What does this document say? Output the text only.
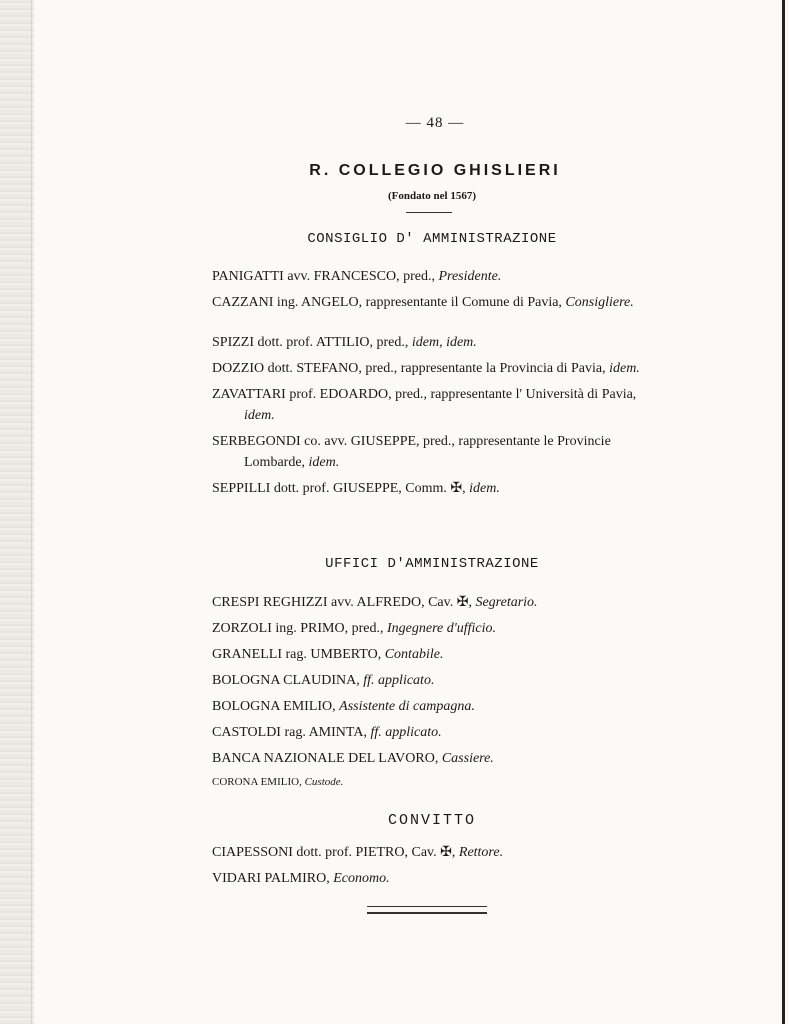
— 48 —
R. COLLEGIO GHISLIERI
(Fondato nel 1567)
CONSIGLIO D' AMMINISTRAZIONE
PANIGATTI avv. FRANCESCO, pred., Presidente.
CAZZANI ing. ANGELO, rappresentante il Comune di Pavia, Consigliere.
SPIZZI dott. prof. ATTILIO, pred., idem, idem.
DOZZIO dott. STEFANO, pred., rappresentante la Provincia di Pavia, idem.
ZAVATTARI prof. EDOARDO, pred., rappresentante l' Università di Pavia, idem.
SERBEGONDI co. avv. GIUSEPPE, pred., rappresentante le Provincie Lombarde, idem.
SEPPILLI dott. prof. GIUSEPPE, Comm. ✠, idem.
UFFICI D'AMMINISTRAZIONE
CRESPI REGHIZZI avv. ALFREDO, Cav. ✠, Segretario.
ZORZOLI ing. PRIMO, pred., Ingegnere d'ufficio.
GRANELLI rag. UMBERTO, Contabile.
BOLOGNA CLAUDINA, ff. applicato.
BOLOGNA EMILIO, Assistente di campagna.
CASTOLDI rag. AMINTA, ff. applicato.
BANCA NAZIONALE DEL LAVORO, Cassiere.
CORONA EMILIO, Custode.
CONVITTO
CIAPESSONI dott. prof. PIETRO, Cav. ✠, Rettore.
VIDARI PALMIRO, Economo.
